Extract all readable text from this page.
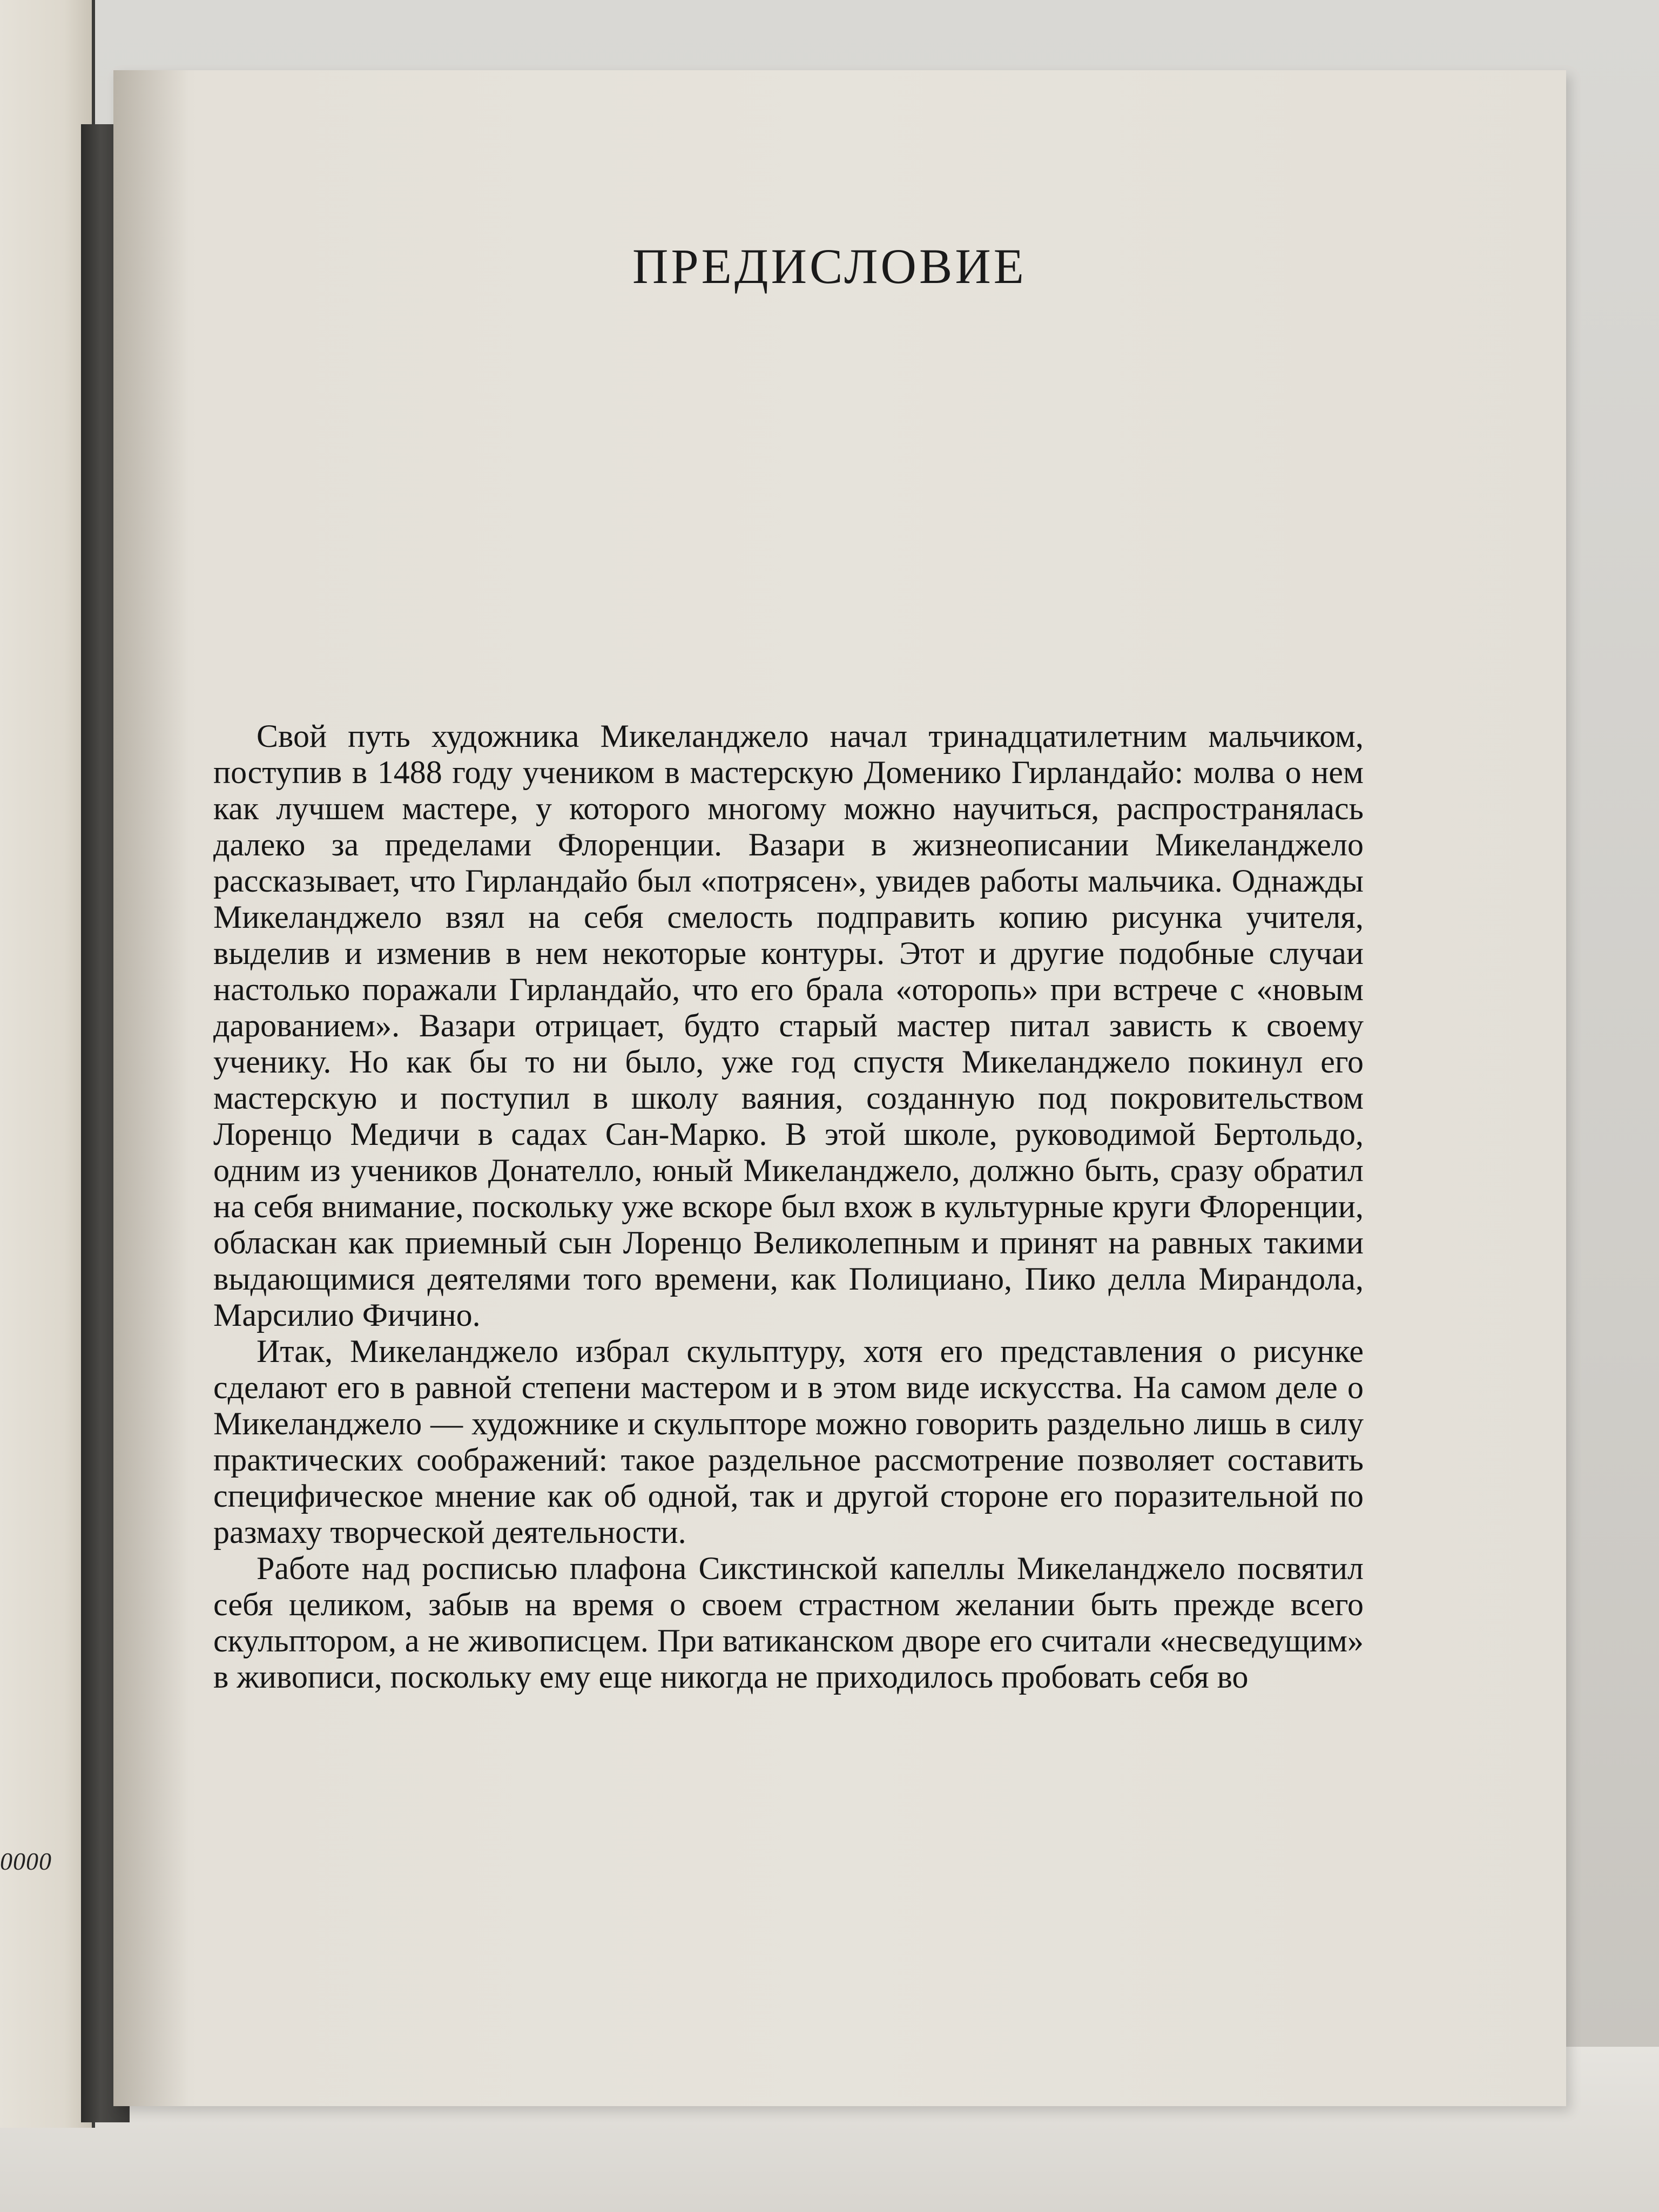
0000
ПРЕДИСЛОВИЕ

Свой путь художника Микеланджело начал тринадцатилетним мальчиком, поступив в 1488 году учеником в мастерскую Доменико Гирландайо: молва о нем как лучшем мастере, у которого многому можно научиться, распространялась далеко за пределами Флоренции. Вазари в жизнеописании Микеланджело рассказывает, что Гирландайо был «потрясен», увидев работы мальчика. Однажды Микеланджело взял на себя смелость подправить копию рисунка учителя, выделив и изменив в нем некоторые контуры. Этот и другие подобные случаи настолько поражали Гирландайо, что его брала «оторопь» при встрече с «новым дарованием». Вазари отрицает, будто старый мастер питал зависть к своему ученику. Но как бы то ни было, уже год спустя Микеланджело покинул его мастерскую и поступил в школу ваяния, созданную под покровительством Лоренцо Медичи в садах Сан-Марко. В этой школе, руководимой Бертольдо, одним из учеников Донателло, юный Микеланджело, должно быть, сразу обратил на себя внимание, поскольку уже вскоре был вхож в культурные круги Флоренции, обласкан как приемный сын Лоренцо Великолепным и принят на равных такими выдающимися деятелями того времени, как Полициано, Пико делла Мирандола, Марсилио Фичино.

Итак, Микеланджело избрал скульптуру, хотя его представления о рисунке сделают его в равной степени мастером и в этом виде искусства. На самом деле о Микеланджело — художнике и скульпторе можно говорить раздельно лишь в силу практических соображений: такое раздельное рассмотрение позволяет составить специфическое мнение как об одной, так и другой стороне его поразительной по размаху творческой деятельности.

Работе над росписью плафона Сикстинской капеллы Микеланджело посвятил себя целиком, забыв на время о своем страстном желании быть прежде всего скульптором, а не живописцем. При ватиканском дворе его считали «несведущим» в живописи, поскольку ему еще никогда не приходилось пробовать себя во
